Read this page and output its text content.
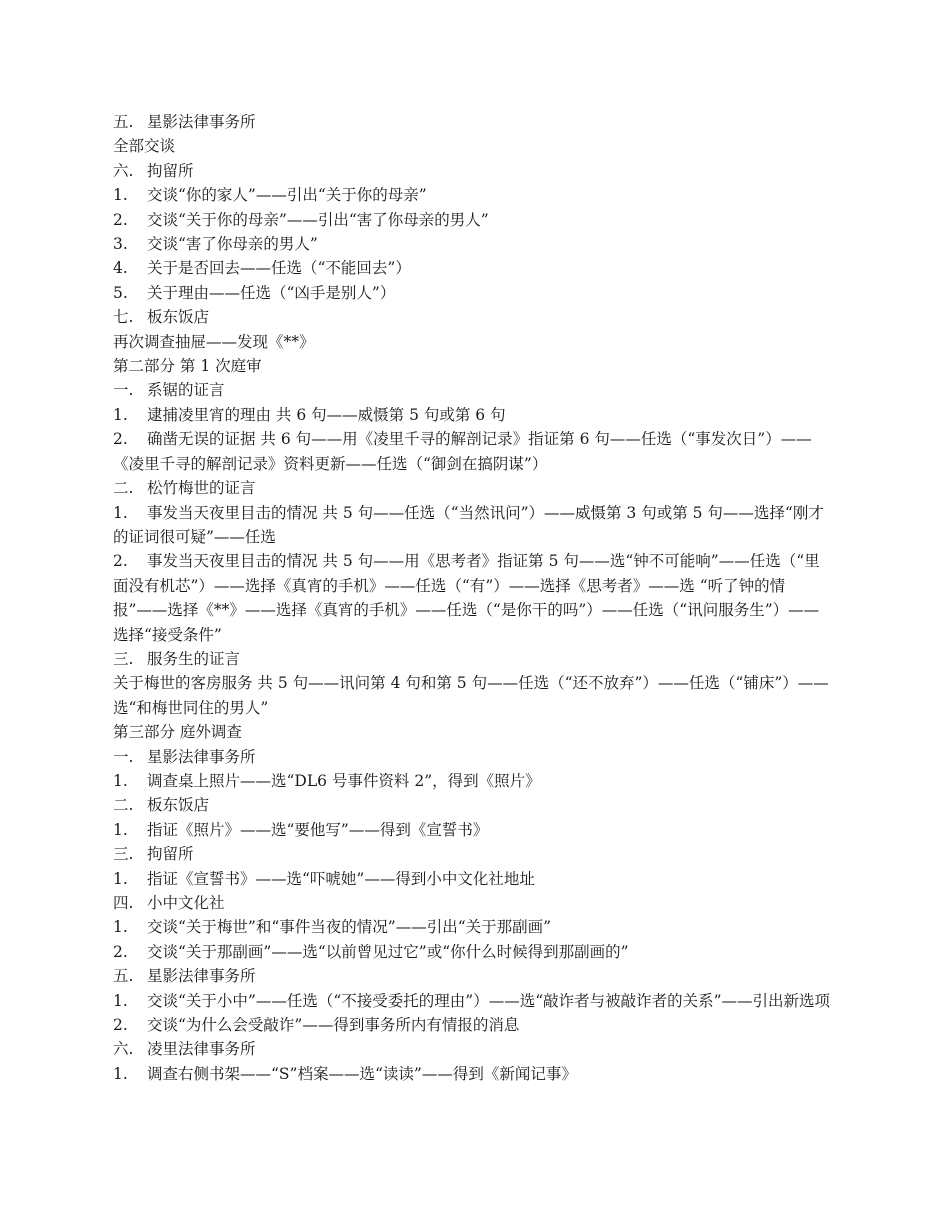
五. 星影法律事务所
全部交谈
六. 拘留所
1. 交谈“你的家人”——引出“关于你的母亲”
2. 交谈“关于你的母亲”——引出“害了你母亲的男人”
3. 交谈“害了你母亲的男人”
4. 关于是否回去——任选（“不能回去”）
5. 关于理由——任选（“凶手是别人”）
七. 板东饭店
再次调查抽屉——发现《**》
第二部分 第 1 次庭审
一. 系锯的证言
1. 逮捕凌里宵的理由 共 6 句——威慑第 5 句或第 6 句
2. 确凿无误的证据 共 6 句——用《凌里千寻的解剖记录》指证第 6 句——任选（“事发次日”）——《凌里千寻的解剖记录》资料更新——任选（“御剑在搞阴谋”）
二. 松竹梅世的证言
1. 事发当天夜里目击的情况 共 5 句——任选（“当然讯问”）——威慑第 3 句或第 5 句——选择“刚才的证词很可疑”——任选
2. 事发当天夜里目击的情况 共 5 句——用《思考者》指证第 5 句——选“钟不可能响”——任选（“里面没有机芯”）——选择《真宵的手机》——任选（“有”）——选择《思考者》——选 “听了钟的情报”——选择《**》——选择《真宵的手机》——任选（“是你干的吗”）——任选（“讯问服务生”）——选择“接受条件”
三. 服务生的证言
关于梅世的客房服务 共 5 句——讯问第 4 句和第 5 句——任选（“还不放弃”）——任选（“铺床”）——选“和梅世同住的男人”
第三部分 庭外调查
一. 星影法律事务所
1. 调查桌上照片——选“DL6 号事件资料 2”，得到《照片》
二. 板东饭店
1. 指证《照片》——选“要他写”——得到《宣誓书》
三. 拘留所
1. 指证《宣誓书》——选“吓唬她”——得到小中文化社地址
四. 小中文化社
1. 交谈“关于梅世”和“事件当夜的情况”——引出“关于那副画”
2. 交谈“关于那副画”——选“以前曾见过它”或“你什么时候得到那副画的”
五. 星影法律事务所
1. 交谈“关于小中”——任选（“不接受委托的理由”）——选“敲诈者与被敲诈者的关系”——引出新选项
2. 交谈“为什么会受敲诈”——得到事务所内有情报的消息
六. 凌里法律事务所
1. 调查右侧书架——“S”档案——选“读读”——得到《新闻记事》
